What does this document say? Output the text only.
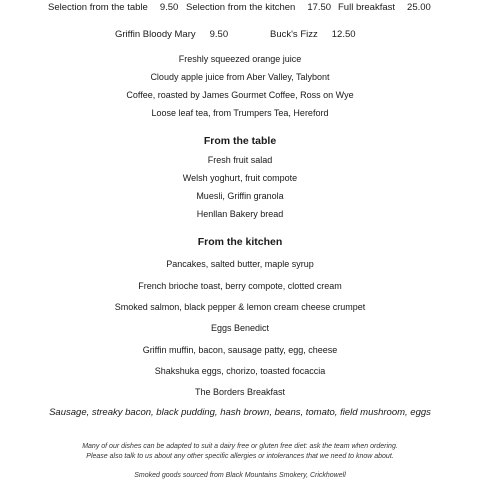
Selection from the table 9.50 Selection from the kitchen 17.50 Full breakfast 25.00
Griffin Bloody Mary 9.50	Buck's Fizz 12.50
Freshly squeezed orange juice
Cloudy apple juice from Aber Valley, Talybont
Coffee, roasted by James Gourmet Coffee, Ross on Wye
Loose leaf tea, from Trumpers Tea, Hereford
From the table
Fresh fruit salad
Welsh yoghurt, fruit compote
Muesli, Griffin granola
Henllan Bakery bread
From the kitchen
Pancakes, salted butter, maple syrup
French brioche toast, berry compote, clotted cream
Smoked salmon, black pepper & lemon cream cheese crumpet
Eggs Benedict
Griffin muffin, bacon, sausage patty, egg, cheese
Shakshuka eggs, chorizo, toasted focaccia
The Borders Breakfast
Sausage, streaky bacon, black pudding, hash brown, beans, tomato, field mushroom, eggs
Many of our dishes can be adapted to suit a dairy free or gluten free diet: ask the team when ordering.
Please also talk to us about any other specific allergies or intolerances that we need to know about.
Smoked goods sourced from Black Mountains Smokery, Crickhowell
